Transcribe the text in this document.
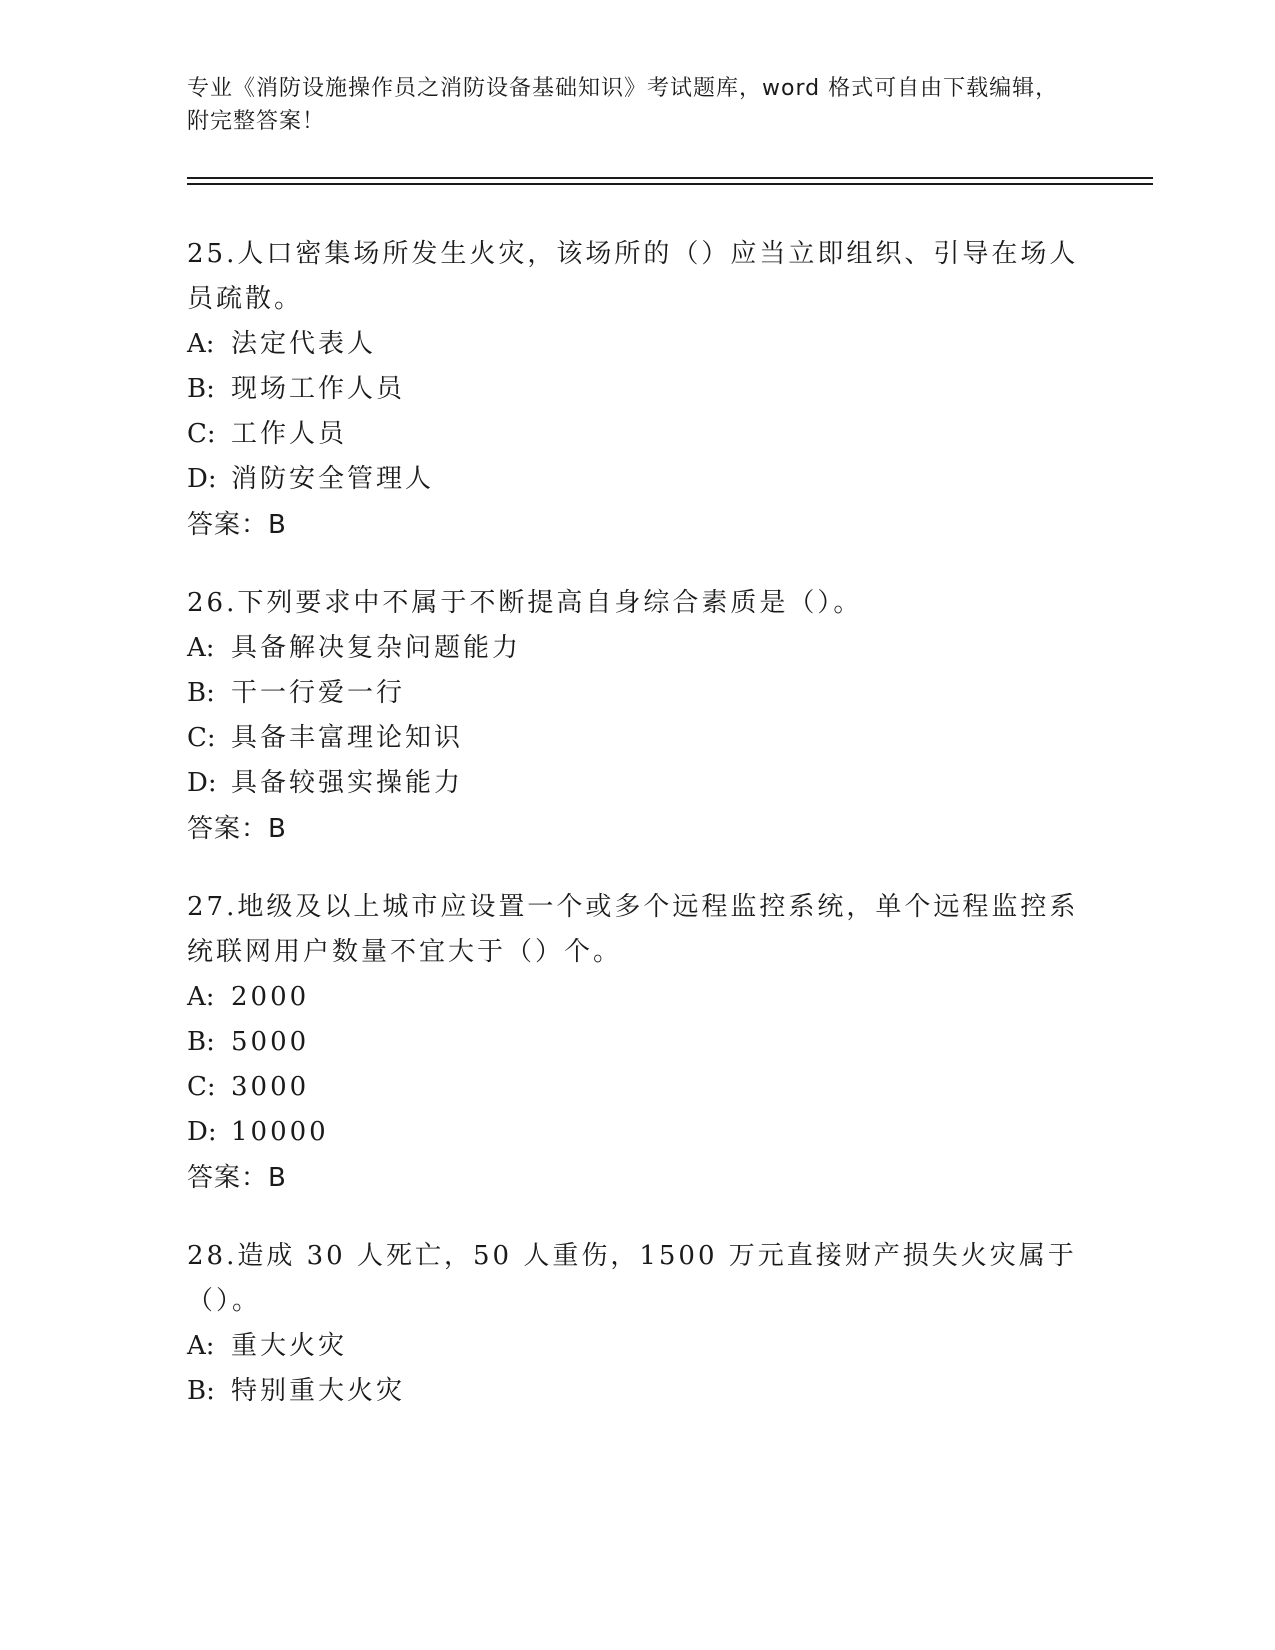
专业《消防设施操作员之消防设备基础知识》考试题库，word 格式可自由下载编辑，附完整答案！

25.人口密集场所发生火灾，该场所的（）应当立即组织、引导在场人员疏散。

A: 法定代表人

B: 现场工作人员

C: 工作人员

D: 消防安全管理人

答案：B

26.下列要求中不属于不断提高自身综合素质是（）。

A: 具备解决复杂问题能力

B: 干一行爱一行

C: 具备丰富理论知识

D: 具备较强实操能力

答案：B

27.地级及以上城市应设置一个或多个远程监控系统，单个远程监控系统联网用户数量不宜大于（）个。

A: 2000

B: 5000

C: 3000

D: 10000

答案：B

28.造成 30 人死亡，50 人重伤，1500 万元直接财产损失火灾属于（）。

A: 重大火灾

B: 特别重大火灾
